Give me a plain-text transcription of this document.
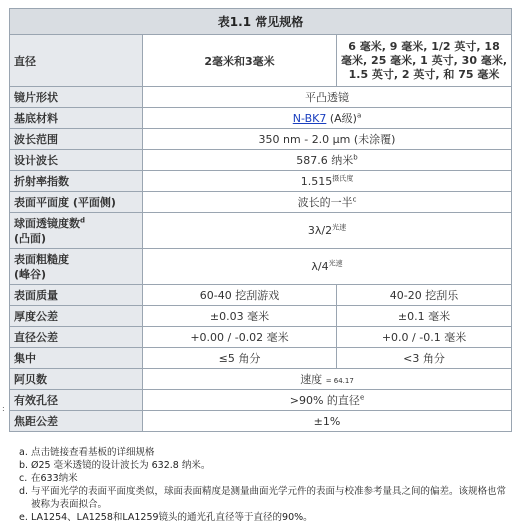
表1.1 常见规格		
直径	2毫米和3毫米	6 毫米, 9 毫米, 1/2 英寸, 18 毫米, 25 毫米, 1 英寸, 30 毫米, 1.5 英寸, 2 英寸, 和 75 毫米
镜片形状	平凸透镜	
基底材料	N-BK7 (A级)$^a$
波长范围	350 nm - 2.0 µm (未涂覆)	
设计波长	587.6 纳米$^b$
折射率指数	$1.515^{摄氏度}$
表面平面度 (平面侧)	波长的一半$^c$
球面透镜度数$^d$
(凸面)	$3\lambda/2^{光速}$
表面粗糙度
(峰谷)	$\lambda/4^{光速}$
表面质量	60-40 挖刮游戏	40-20 挖刮乐
厚度公差	±0.03 毫米	±0.1 毫米
直径公差	+0.00 / -0.02 毫米	+0.0 / -0.1 毫米
集中	≤5 角分	<3 角分
阿贝数	速度 = 64.17	
有效孔径	>90% 的直径$^e$
焦距公差	±1%	
a. 点击链接查看基板的详细规格
b. Ø25 毫米透镜的设计波长为 632.8 纳米。
c. 在633纳米
d. 与平面光学的表面平面度类似，球面表面精度是测量曲面光学元件的表面与校准参考量具之间的偏差。该规格也常被称为表面拟合。
e. LA1254、LA1258和LA1259镜头的通光孔直径等于直径的90%。
:
